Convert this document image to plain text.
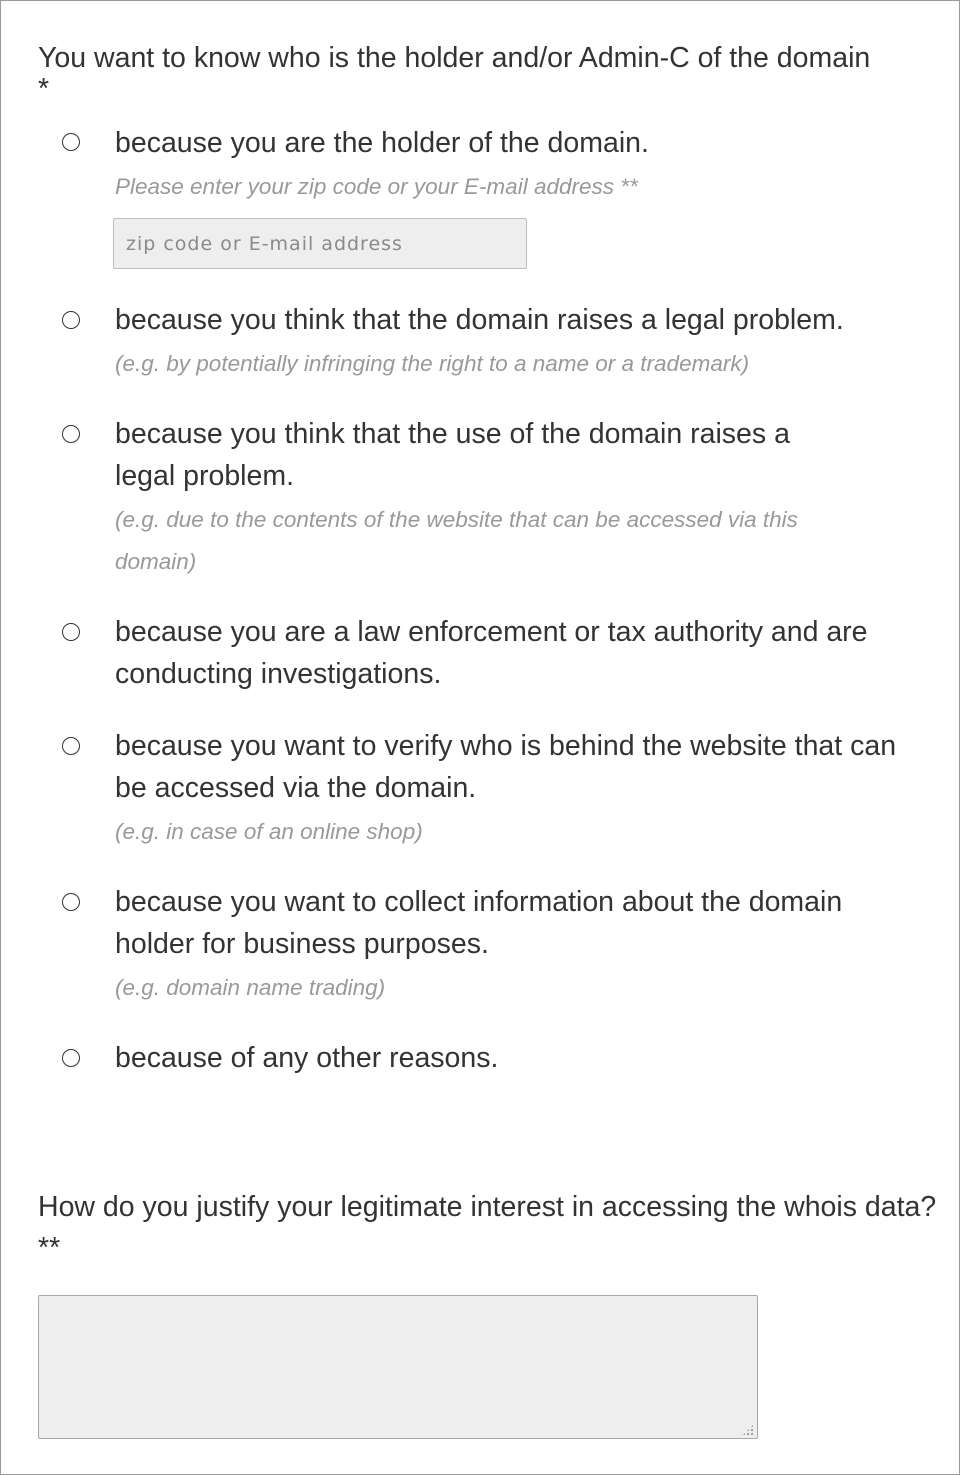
You want to know who is the holder and/or Admin-C of the domain
*
because you are the holder of the domain.
Please enter your zip code or your E-mail address **
zip code or E-mail address
because you think that the domain raises a legal problem.
(e.g. by potentially infringing the right to a name or a trademark)
because you think that the use of the domain raises a legal problem.
(e.g. due to the contents of the website that can be accessed via this domain)
because you are a law enforcement or tax authority and are conducting investigations.
because you want to verify who is behind the website that can be accessed via the domain.
(e.g. in case of an online shop)
because you want to collect information about the domain holder for business purposes.
(e.g. domain name trading)
because of any other reasons.
How do you justify your legitimate interest in accessing the whois data? **
